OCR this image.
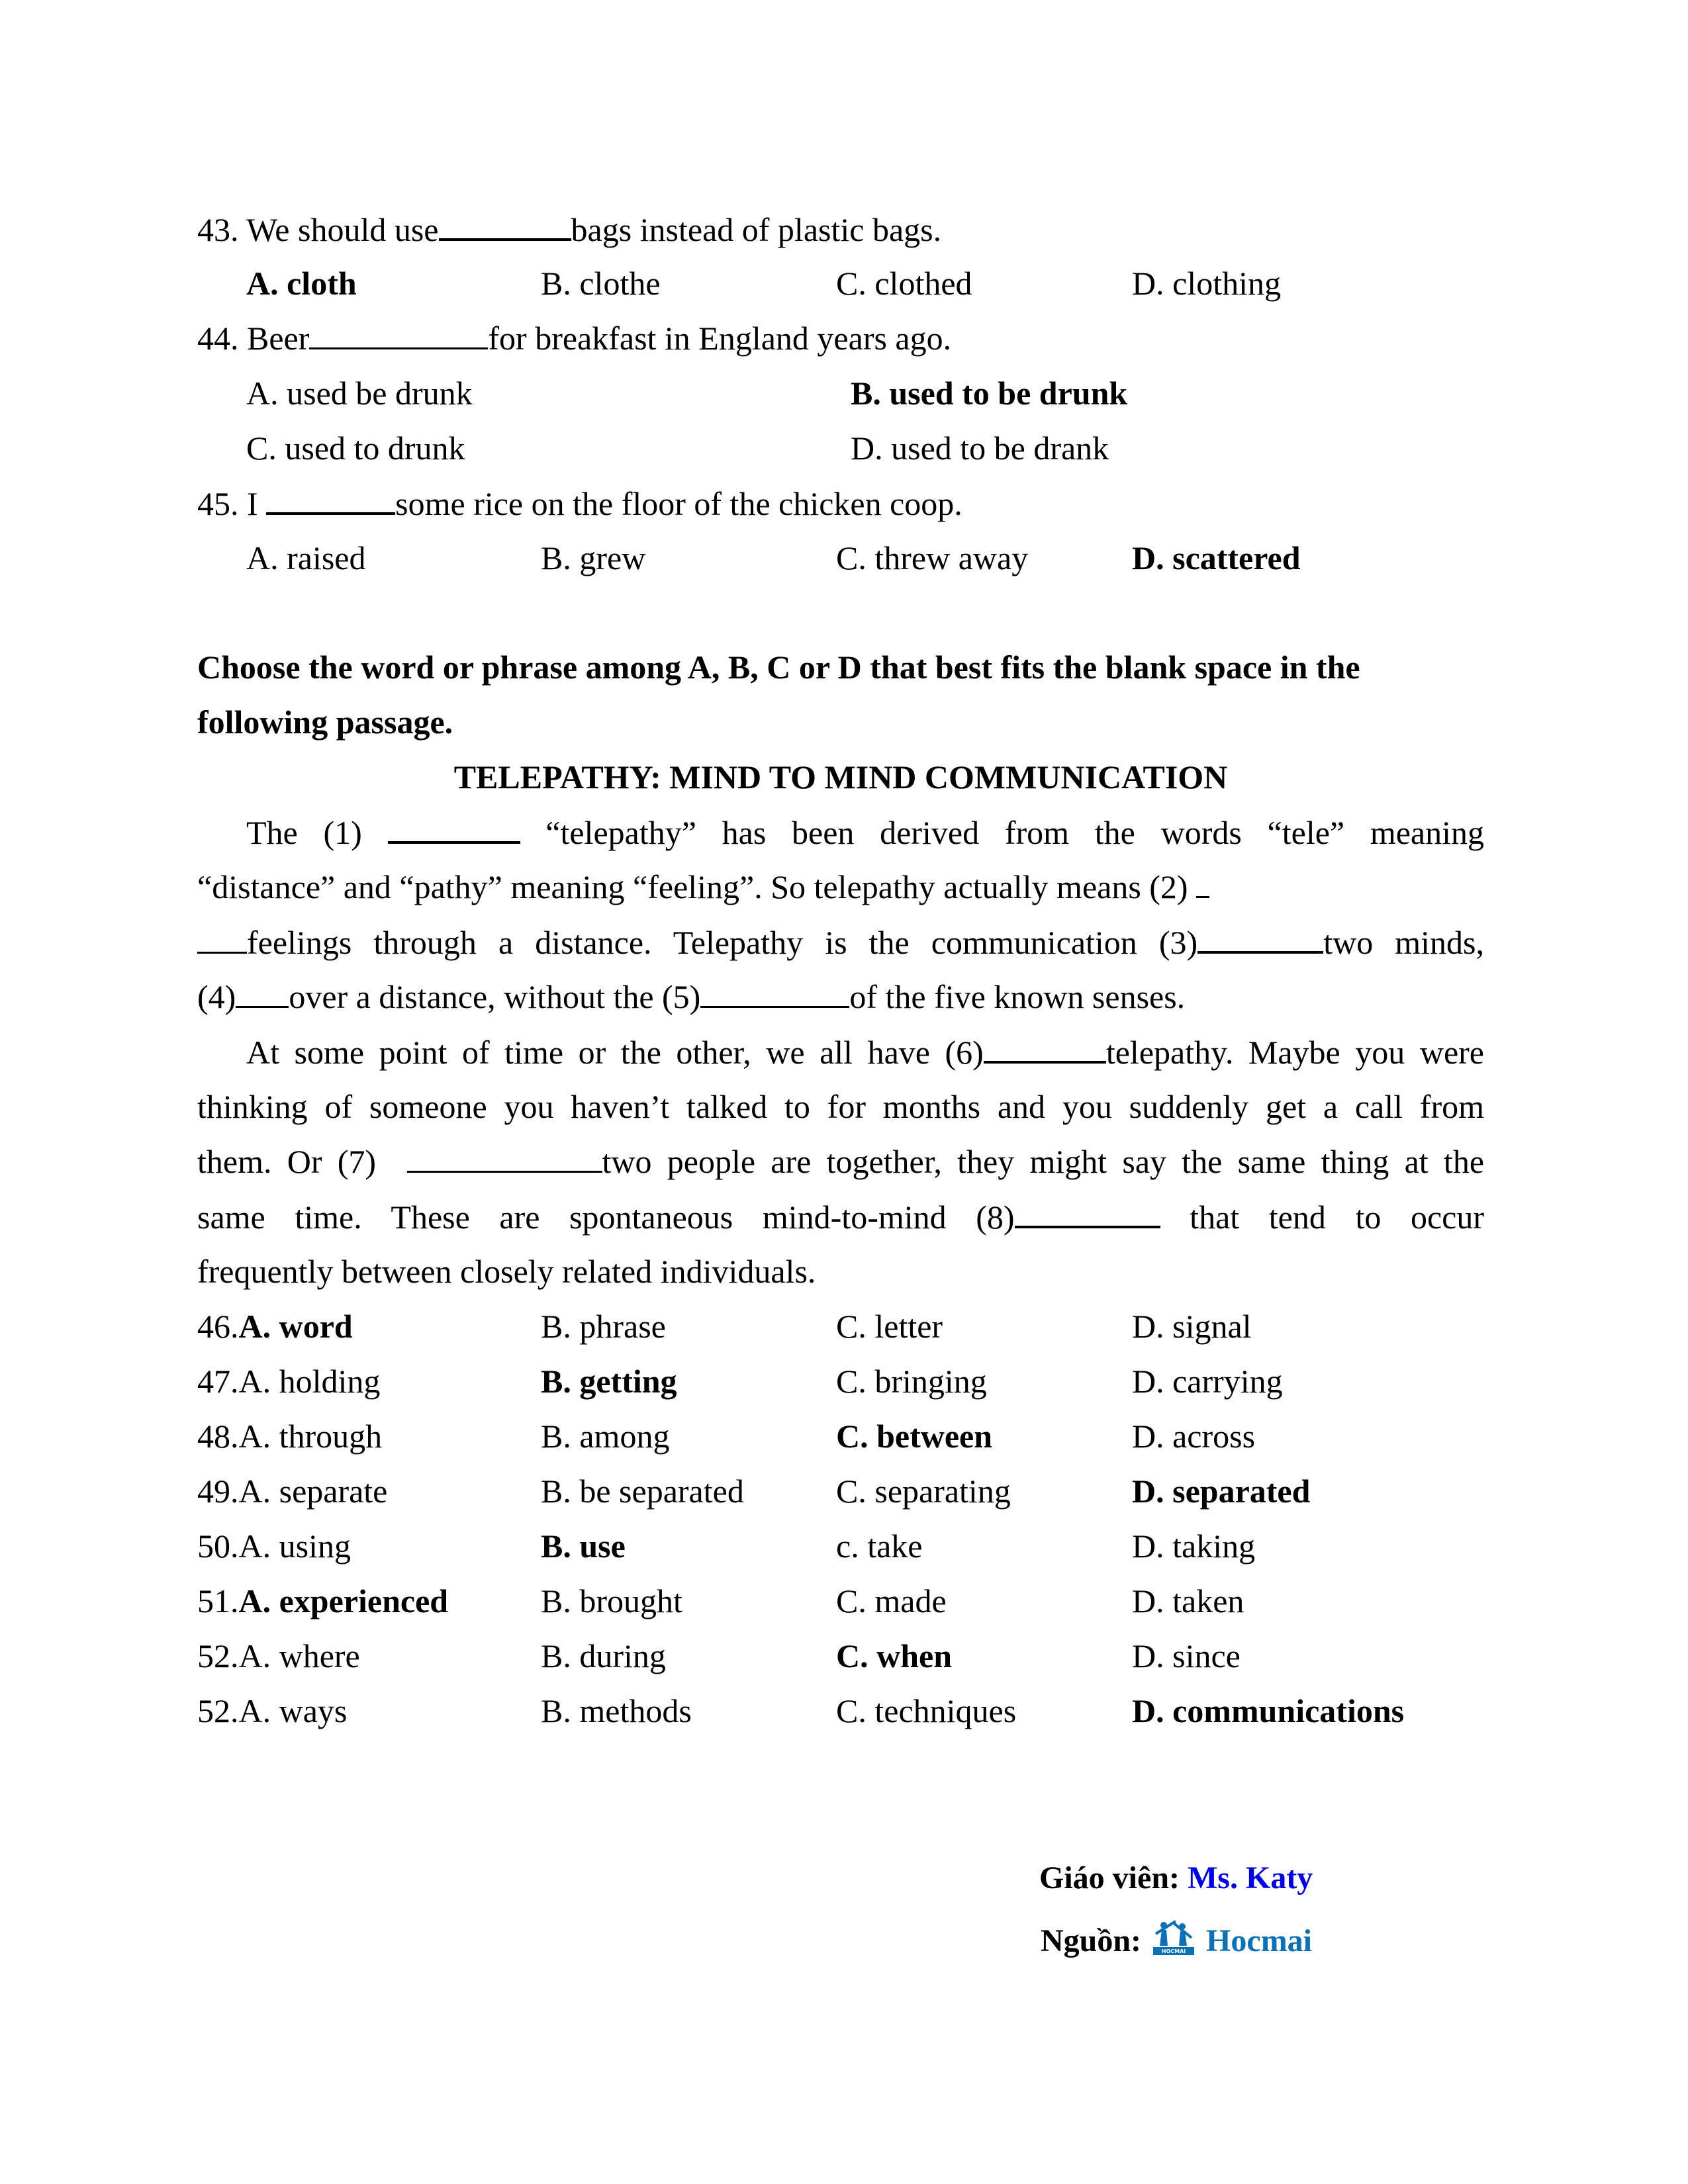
43. We should use	bags instead of plastic bags.
A. cloth	B. clothe	C. clothed	D. clothing
44. Beer	for breakfast in England years ago.
A. used be drunk	B. used to be drunk
C. used to drunk	D. used to be drank
45. I	some rice on the floor of the chicken coop.
A. raised	B. grew	C. threw away	D. scattered
Choose the word or phrase among A, B, C or D that best fits the blank space in the
following passage.
TELEPATHY: MIND TO MIND COMMUNICATION
The (1)	“telepathy” has been derived from the words “tele” meaning
“distance” and “pathy” meaning “feeling”. So telepathy actually means (2)
feelings through a distance. Telepathy is the communication (3)	two minds,
(4) over a distance, without the (5)	of the five known senses.
At some point of time or the other, we all have (6)	telepathy. Maybe you were
thinking of someone you haven’t talked to for months and you suddenly get a call from
them. Or (7)	two people are together, they might say the same thing at the
same time. These are spontaneous mind-to-mind (8)	that tend to occur
frequently between closely related individuals.
46.A. word	B. phrase	C. letter	D. signal
47.A. holding	B. getting	C. bringing	D. carrying
48.A. through	B. among	C. between	D. across
49.A. separate	B. be separated	C. separating	D. separated
50.A. using	B. use	c. take	D. taking
51.A. experienced	B. brought	C. made	D. taken
52.A. where	B. during	C. when	D. since
52.A. ways	B. methods	C. techniques	D. communications
Giáo viên: Ms. Katy
Nguồn:	HOCMAI Hocmai
